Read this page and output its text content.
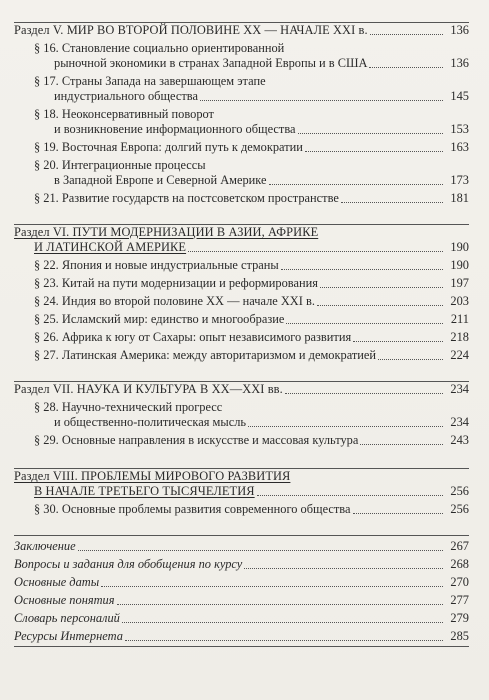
Раздел V. МИР ВО ВТОРОЙ ПОЛОВИНЕ XX — НАЧАЛЕ XXI в.	136
§ 16. Становление социально ориентированной
рыночной экономики в странах Западной Европы и в США	136
§ 17. Страны Запада на завершающем этапе
индустриального общества	145
§ 18. Неоконсервативный поворот
и возникновение информационного общества	153
§ 19. Восточная Европа: долгий путь к демократии	163
§ 20. Интеграционные процессы
в Западной Европе и Северной Америке	173
§ 21. Развитие государств на постсоветском пространстве	181
Раздел VI. ПУТИ МОДЕРНИЗАЦИИ В АЗИИ, АФРИКЕ
И ЛАТИНСКОЙ АМЕРИКЕ	190
§ 22. Япония и новые индустриальные страны	190
§ 23. Китай на пути модернизации и реформирования	197
§ 24. Индия во второй половине XX — начале XXI в.	203
§ 25. Исламский мир: единство и многообразие	211
§ 26. Африка к югу от Сахары: опыт независимого развития	218
§ 27. Латинская Америка: между авторитаризмом и демократией	224
Раздел VII. НАУКА И КУЛЬТУРА В XX—XXI вв.	234
§ 28. Научно-технический прогресс
и общественно-политическая мысль	234
§ 29. Основные направления в искусстве и массовая культура	243
Раздел VIII. ПРОБЛЕМЫ МИРОВОГО РАЗВИТИЯ
В НАЧАЛЕ ТРЕТЬЕГО ТЫСЯЧЕЛЕТИЯ	256
§ 30. Основные проблемы развития современного общества	256
Заключение	267
Вопросы и задания для обобщения по курсу	268
Основные даты	270
Основные понятия	277
Словарь персоналий	279
Ресурсы Интернета	285
